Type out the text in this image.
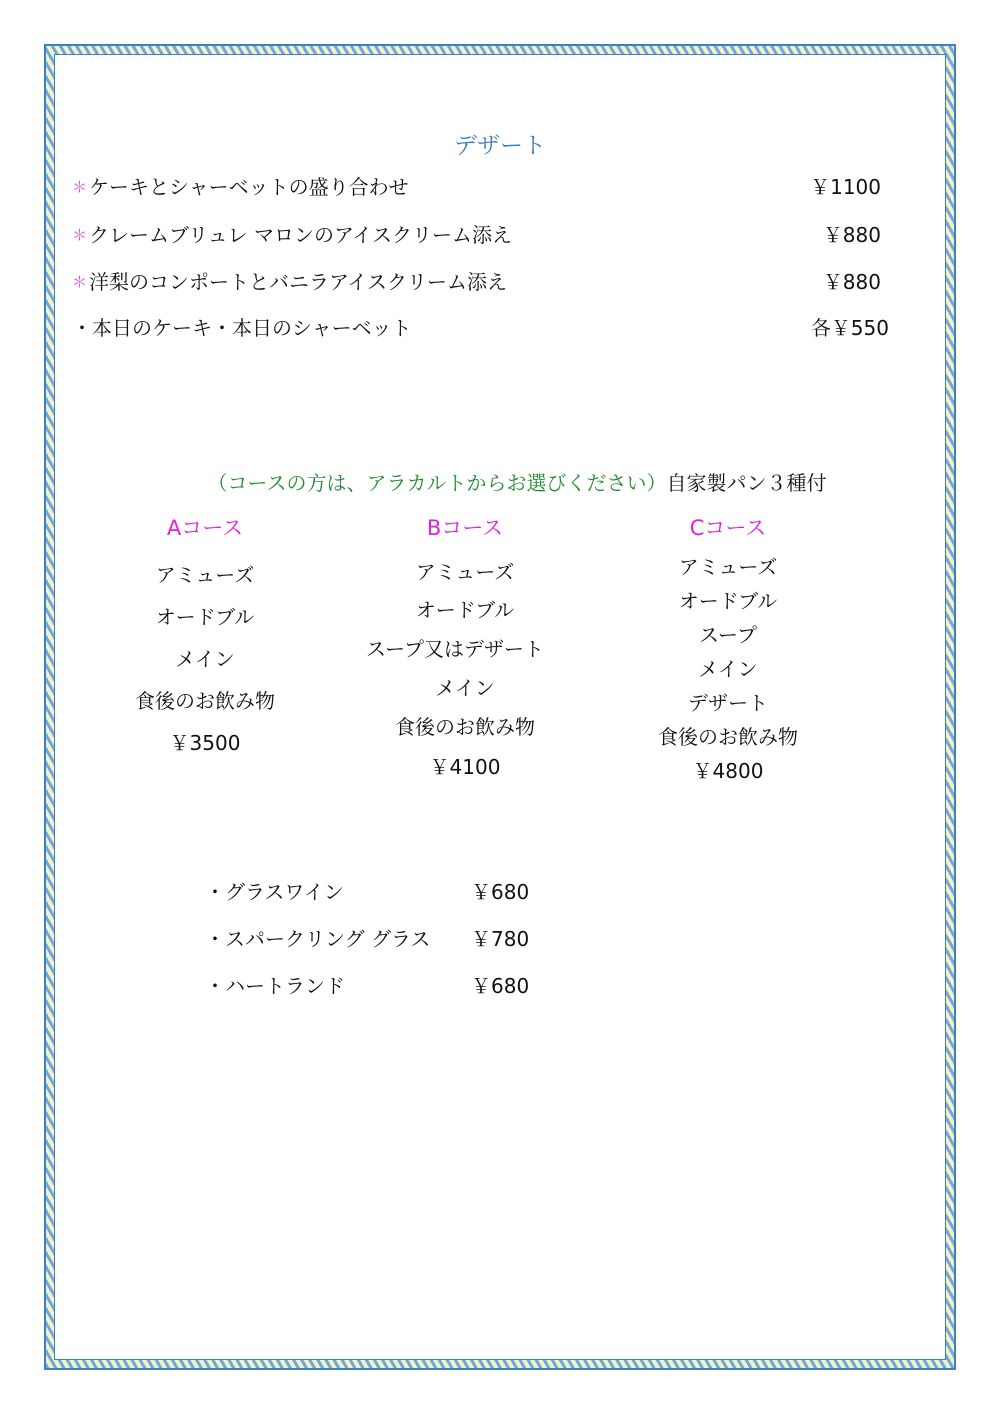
デザート
＊ ケーキとシャーベットの盛り合わせ	￥1100
＊ クレームブリュレ マロンのアイスクリーム添え	￥880
＊ 洋梨のコンポートとバニラアイスクリーム添え	￥880
・本日のケーキ・本日のシャーベット	各￥550
（コースの方は、アラカルトからお選びください）自家製パン３種付
Aコース
アミューズ
オードブル
メイン
食後のお飲み物
￥3500
Bコース
アミューズ
オードブル
スープ又はデザート
メイン
食後のお飲み物
￥4100
Cコース
アミューズ
オードブル
スープ
メイン
デザート
食後のお飲み物
￥4800
・グラスワイン	￥680
・スパークリング グラス ￥780
・ハートランド	￥680
